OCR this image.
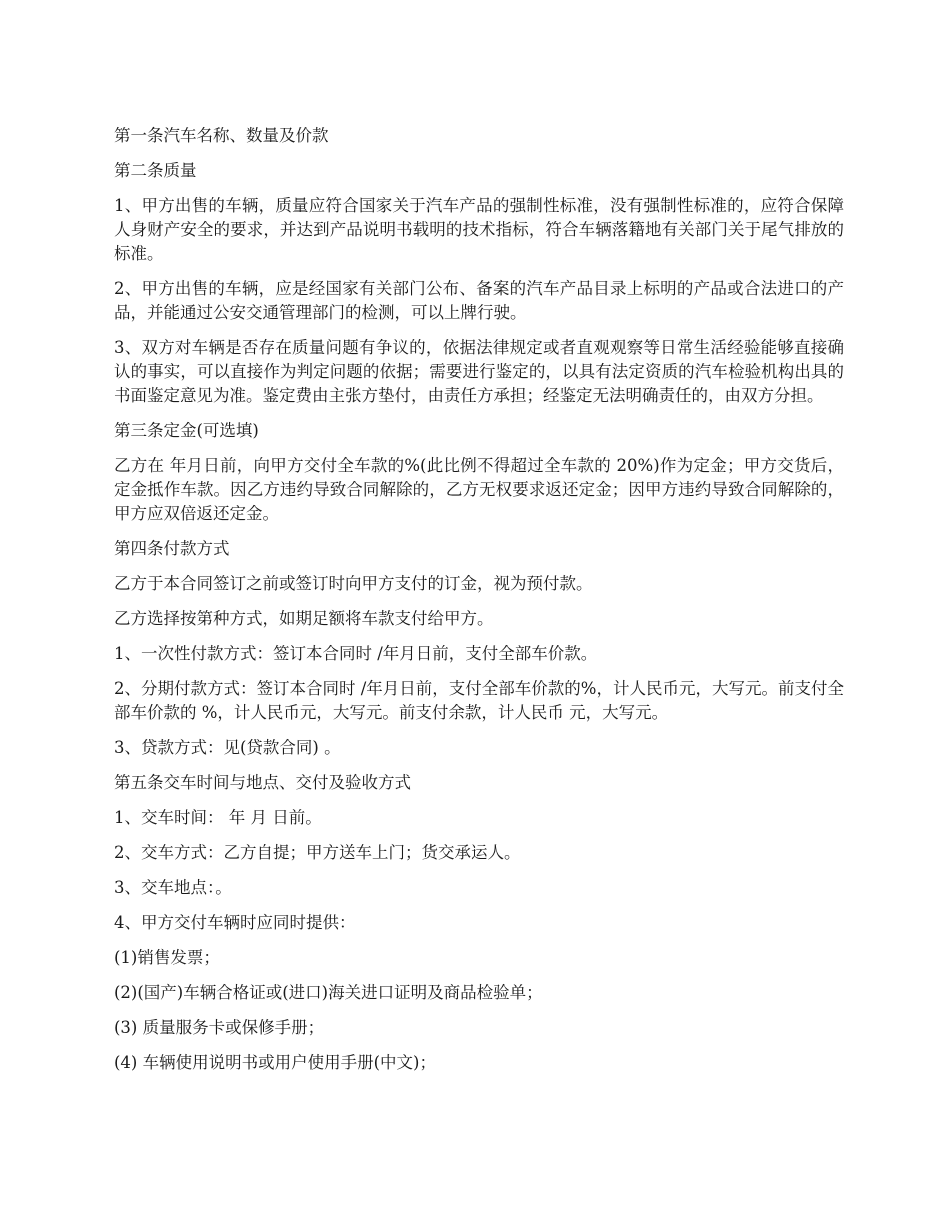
第一条汽车名称、数量及价款

第二条质量

1、甲方出售的车辆，质量应符合国家关于汽车产品的强制性标准，没有强制性标准的，应符合保障人身财产安全的要求，并达到产品说明书载明的技术指标，符合车辆落籍地有关部门关于尾气排放的标准。

2、甲方出售的车辆，应是经国家有关部门公布、备案的汽车产品目录上标明的产品或合法进口的产品，并能通过公安交通管理部门的检测，可以上牌行驶。

3、双方对车辆是否存在质量问题有争议的，依据法律规定或者直观观察等日常生活经验能够直接确认的事实，可以直接作为判定问题的依据；需要进行鉴定的，以具有法定资质的汽车检验机构出具的书面鉴定意见为准。鉴定费由主张方垫付，由责任方承担；经鉴定无法明确责任的，由双方分担。

第三条定金(可选填)

乙方在 年月日前，向甲方交付全车款的%(此比例不得超过全车款的 20%)作为定金；甲方交货后，定金抵作车款。因乙方违约导致合同解除的，乙方无权要求返还定金；因甲方违约导致合同解除的，甲方应双倍返还定金。

第四条付款方式

乙方于本合同签订之前或签订时向甲方支付的订金，视为预付款。

乙方选择按第种方式，如期足额将车款支付给甲方。

1、一次性付款方式：签订本合同时 /年月日前，支付全部车价款。

2、分期付款方式：签订本合同时 /年月日前，支付全部车价款的%，计人民币元，大写元。前支付全部车价款的 %，计人民币元，大写元。前支付余款，计人民币 元，大写元。

3、贷款方式：见(贷款合同) 。

第五条交车时间与地点、交付及验收方式

1、交车时间： 年 月 日前。

2、交车方式：乙方自提；甲方送车上门；货交承运人。

3、交车地点：。

4、甲方交付车辆时应同时提供：

(1)销售发票；

(2)(国产)车辆合格证或(进口)海关进口证明及商品检验单；

(3) 质量服务卡或保修手册；

(4) 车辆使用说明书或用户使用手册(中文)；
